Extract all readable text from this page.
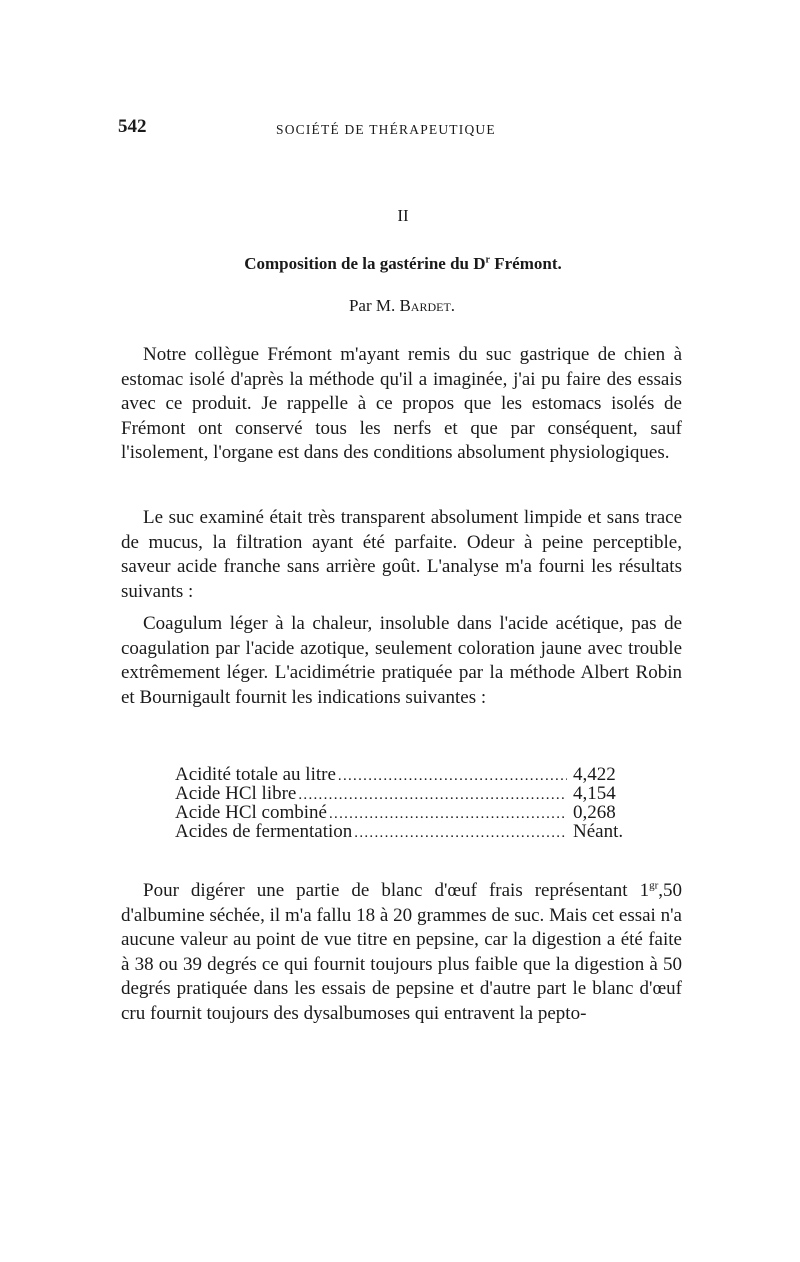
542	SOCIÉTÉ DE THÉRAPEUTIQUE
II
Composition de la gastérine du $D^r$ Frémont.
Par M. Bardet.

Notre collègue Frémont m'ayant remis du suc gastrique de chien à estomac isolé d'après la méthode qu'il a imaginée, j'ai pu faire des essais avec ce produit. Je rappelle à ce propos que les estomacs isolés de Frémont ont conservé tous les nerfs et que par conséquent, sauf l'isolement, l'organe est dans des conditions absolument physiologiques.

Le suc examiné était très transparent absolument limpide et sans trace de mucus, la filtration ayant été parfaite. Odeur à peine perceptible, saveur acide franche sans arrière goût. L'analyse m'a fourni les résultats suivants :

Coagulum léger à la chaleur, insoluble dans l'acide acétique, pas de coagulation par l'acide azotique, seulement coloration jaune avec trouble extrêmement léger. L'acidimétrie pratiquée par la méthode Albert Robin et Bournigault fournit les indications suivantes :

Acidité totale au litre .....	4,422
Acide HCl libre .....	4,154
Acide HCl combiné .....	0,268
Acides de fermentation .....	Néant.

Pour digérer une partie de blanc d'œuf frais représentant $1^{gr},50$ d'albumine séchée, il m'a fallu 18 à 20 grammes de suc. Mais cet essai n'a aucune valeur au point de vue titre en pepsine, car la digestion a été faite à 38 ou 39 degrés ce qui fournit toujours plus faible que la digestion à 50 degrés pratiquée dans les essais de pepsine et d'autre part le blanc d'œuf cru fournit toujours des dysalbumoses qui entravent la pepto-
